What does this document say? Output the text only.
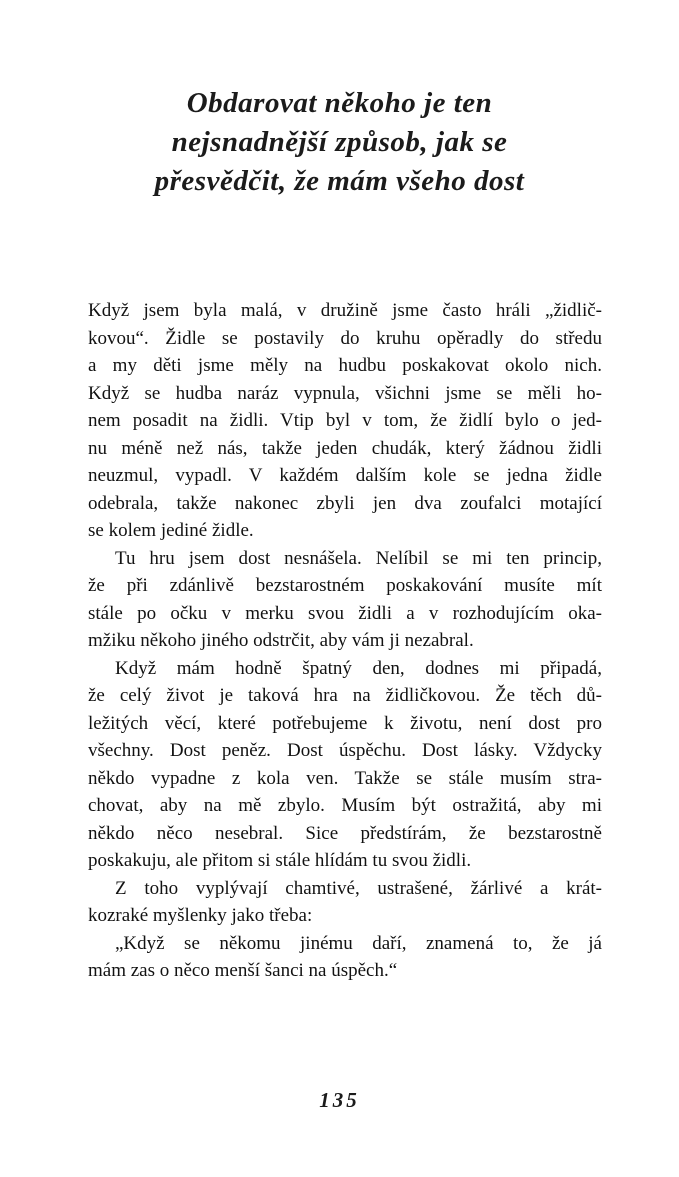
Obdarovat někoho je ten
nejsnadnější způsob, jak se
přesvědčit, že mám všeho dost
Když jsem byla malá, v družině jsme často hráli „židlič-
kovou“. Židle se postavily do kruhu opěradly do středu
a my děti jsme měly na hudbu poskakovat okolo nich.
Když se hudba naráz vypnula, všichni jsme se měli ho-
nem posadit na židli. Vtip byl v tom, že židlí bylo o jed-
nu méně než nás, takže jeden chudák, který žádnou židli
neuzmul, vypadl. V každém dalším kole se jedna židle
odebrala, takže nakonec zbyli jen dva zoufalci motající
se kolem jediné židle.
Tu hru jsem dost nesnášela. Nelíbil se mi ten princip,
že při zdánlivě bezstarostném poskakování musíte mít
stále po očku v merku svou židli a v rozhodujícím oka-
mžiku někoho jiného odstrčit, aby vám ji nezabral.
Když mám hodně špatný den, dodnes mi připadá,
že celý život je taková hra na židličkovou. Že těch dů-
ležitých věcí, které potřebujeme k životu, není dost pro
všechny. Dost peněz. Dost úspěchu. Dost lásky. Vždycky
někdo vypadne z kola ven. Takže se stále musím stra-
chovat, aby na mě zbylo. Musím být ostražitá, aby mi
někdo něco nesebral. Sice předstírám, že bezstarostně
poskakuju, ale přitom si stále hlídám tu svou židli.
Z toho vyplývají chamtivé, ustrašené, žárlivé a krát-
kozraké myšlenky jako třeba:
„Když se někomu jinému daří, znamená to, že já
mám zas o něco menší šanci na úspěch.“
135
